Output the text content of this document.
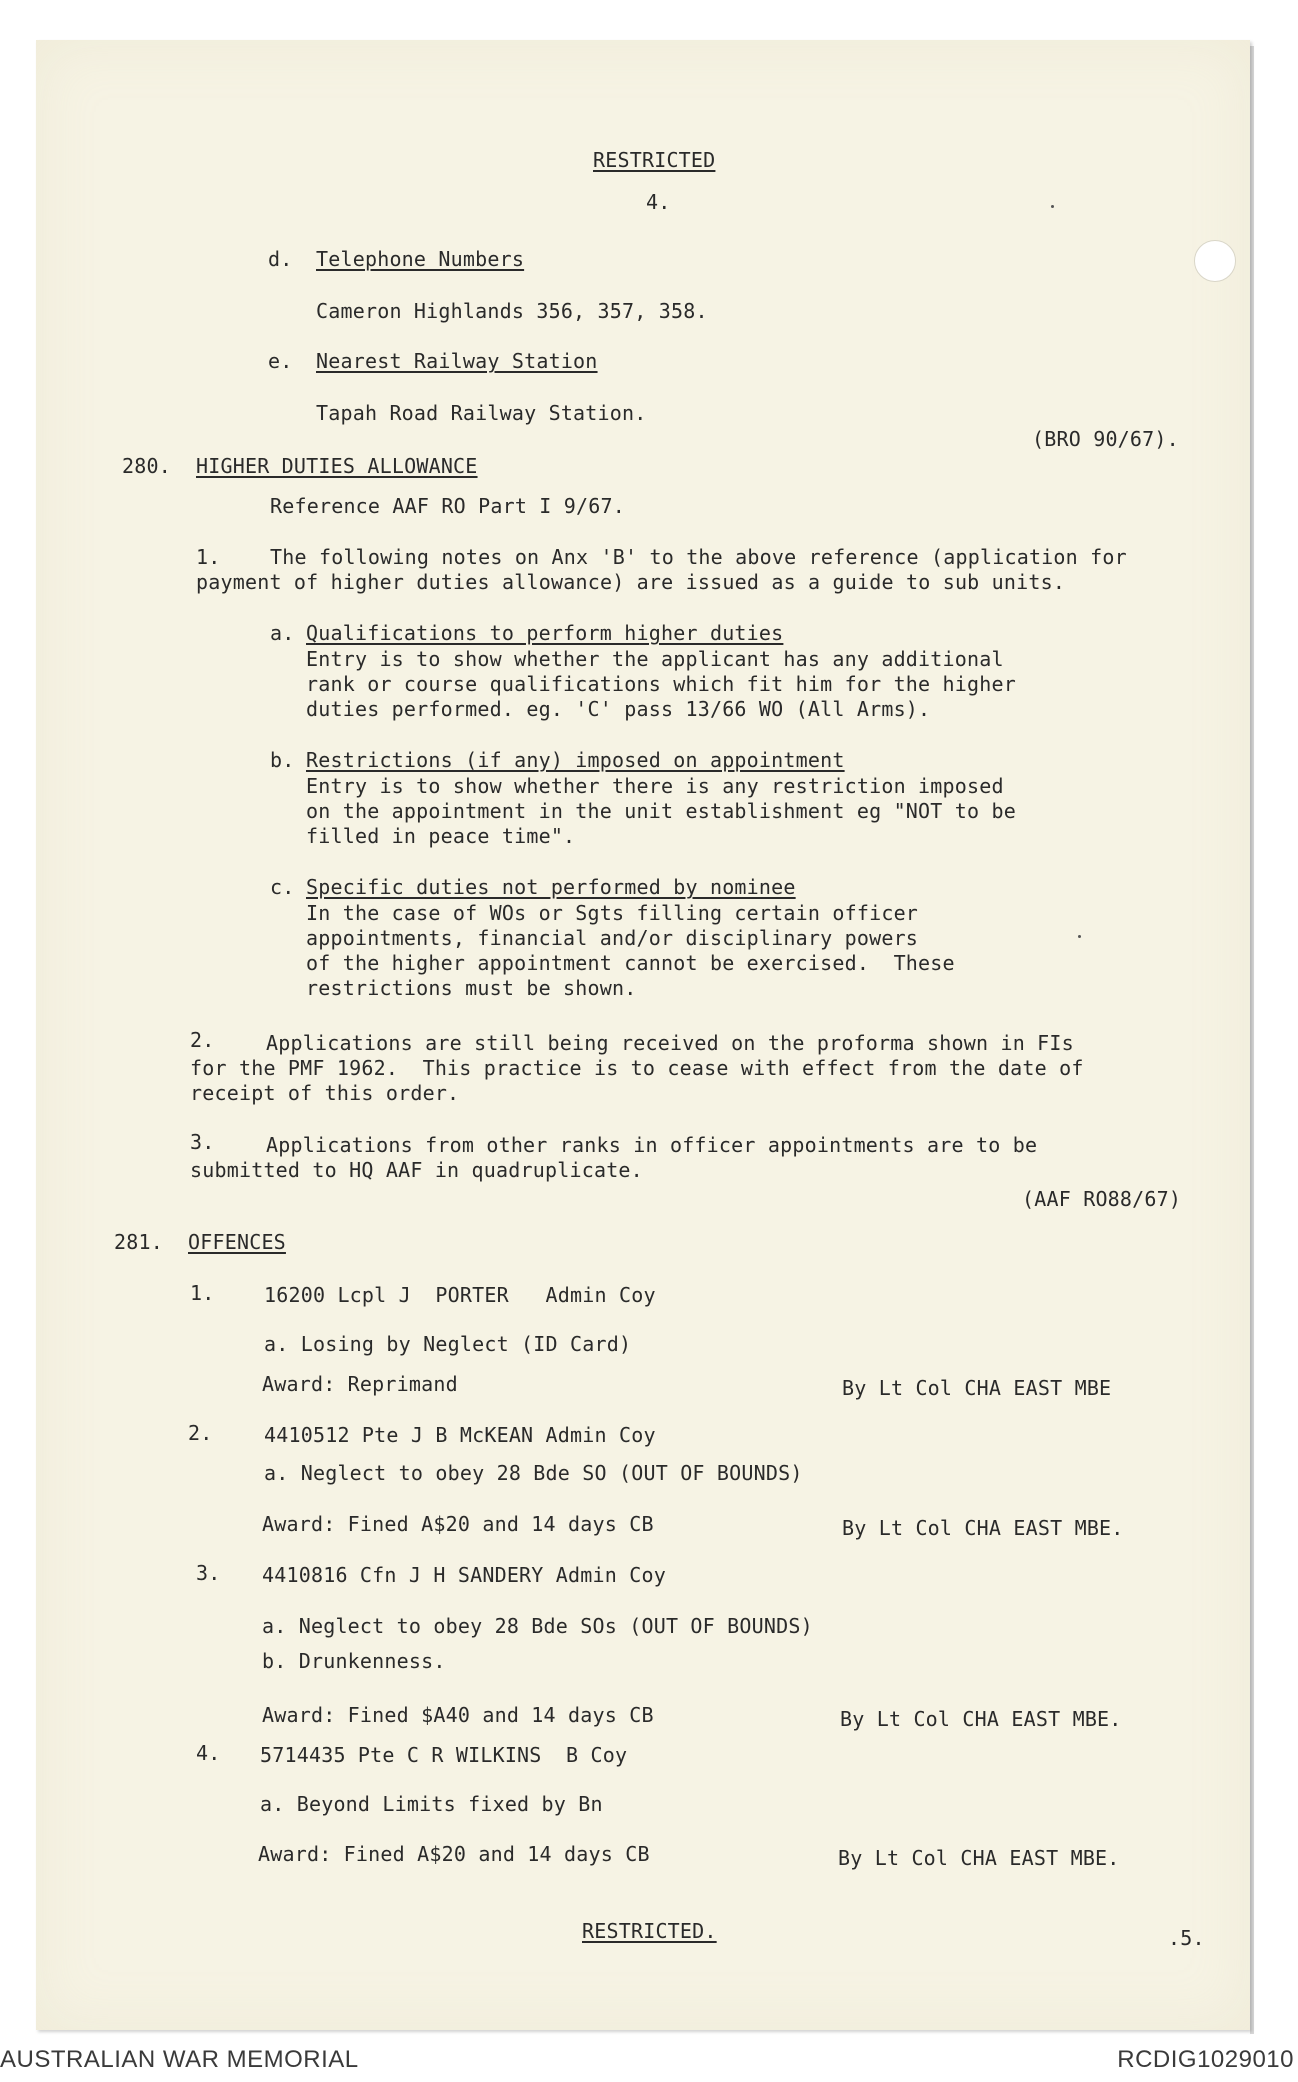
RESTRICTED
4.
d. Telephone Numbers
Cameron Highlands 356, 357, 358.
e. Nearest Railway Station
Tapah Road Railway Station.
(BRO 90/67).
280. HIGHER DUTIES ALLOWANCE
Reference AAF RO Part I 9/67.
1. The following notes on Anx 'B' to the above reference (application for
payment of higher duties allowance) are issued as a guide to sub units.
a. Qualifications to perform higher duties
Entry is to show whether the applicant has any additional
rank or course qualifications which fit him for the higher
duties performed. eg. 'C' pass 13/66 WO (All Arms).
b. Restrictions (if any) imposed on appointment
Entry is to show whether there is any restriction imposed
on the appointment in the unit establishment eg "NOT to be
filled in peace time".
c. Specific duties not performed by nominee
In the case of WOs or Sgts filling certain officer
appointments, financial and/or disciplinary powers
of the higher appointment cannot be exercised.  These
restrictions must be shown.
2.	Applications are still being received on the proforma shown in FIs
for the PMF 1962.  This practice is to cease with effect from the date of
receipt of this order.
3.	Applications from other ranks in officer appointments are to be
submitted to HQ AAF in quadruplicate.
(AAF RO88/67)
281. OFFENCES
1. 16200 Lcpl J  PORTER   Admin Coy
a. Losing by Neglect (ID Card)
Award: Reprimand	By Lt Col CHA EAST MBE
2.	4410512 Pte J B McKEAN Admin Coy
a. Neglect to obey 28 Bde SO (OUT OF BOUNDS)
Award: Fined A$20 and 14 days CB	By Lt Col CHA EAST MBE.
3. 4410816 Cfn J H SANDERY Admin Coy
a. Neglect to obey 28 Bde SOs (OUT OF BOUNDS)
b. Drunkenness.
Award: Fined $A40 and 14 days CB	By Lt Col CHA EAST MBE.
4. 5714435 Pte C R WILKINS  B Coy
a. Beyond Limits fixed by Bn
Award: Fined A$20 and 14 days CB	By Lt Col CHA EAST MBE.
RESTRICTED.	.5.
AUSTRALIAN WAR MEMORIAL	RCDIG1029010
